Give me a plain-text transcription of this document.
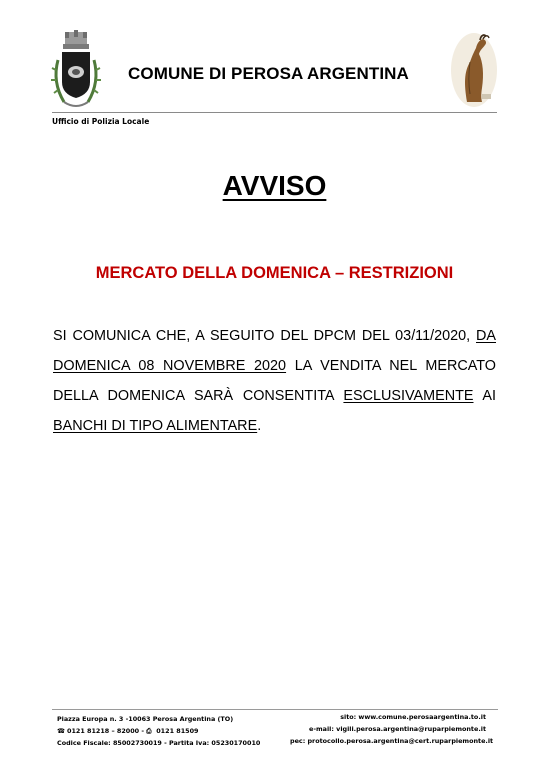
COMUNE DI PEROSA ARGENTINA
Ufficio di Polizia Locale
AVVISO
MERCATO DELLA DOMENICA – RESTRIZIONI
SI COMUNICA CHE, A SEGUITO DEL DPCM DEL 03/11/2020, DA DOMENICA 08 NOVEMBRE 2020 LA VENDITA NEL MERCATO DELLA DOMENICA SARÀ CONSENTITA ESCLUSIVAMENTE AI BANCHI DI TIPO ALIMENTARE.
Piazza Europa n. 3 -10063 Perosa Argentina (TO)
☎ 0121 81218 – 82000 - ⎙ 0121 81509
Codice Fiscale: 85002730019 - Partita Iva: 05230170010
sito: www.comune.perosaargentina.to.it
e-mail: vigili.perosa.argentina@ruparpiemonte.it
pec: protocollo.perosa.argentina@cert.ruparpiemonte.it
